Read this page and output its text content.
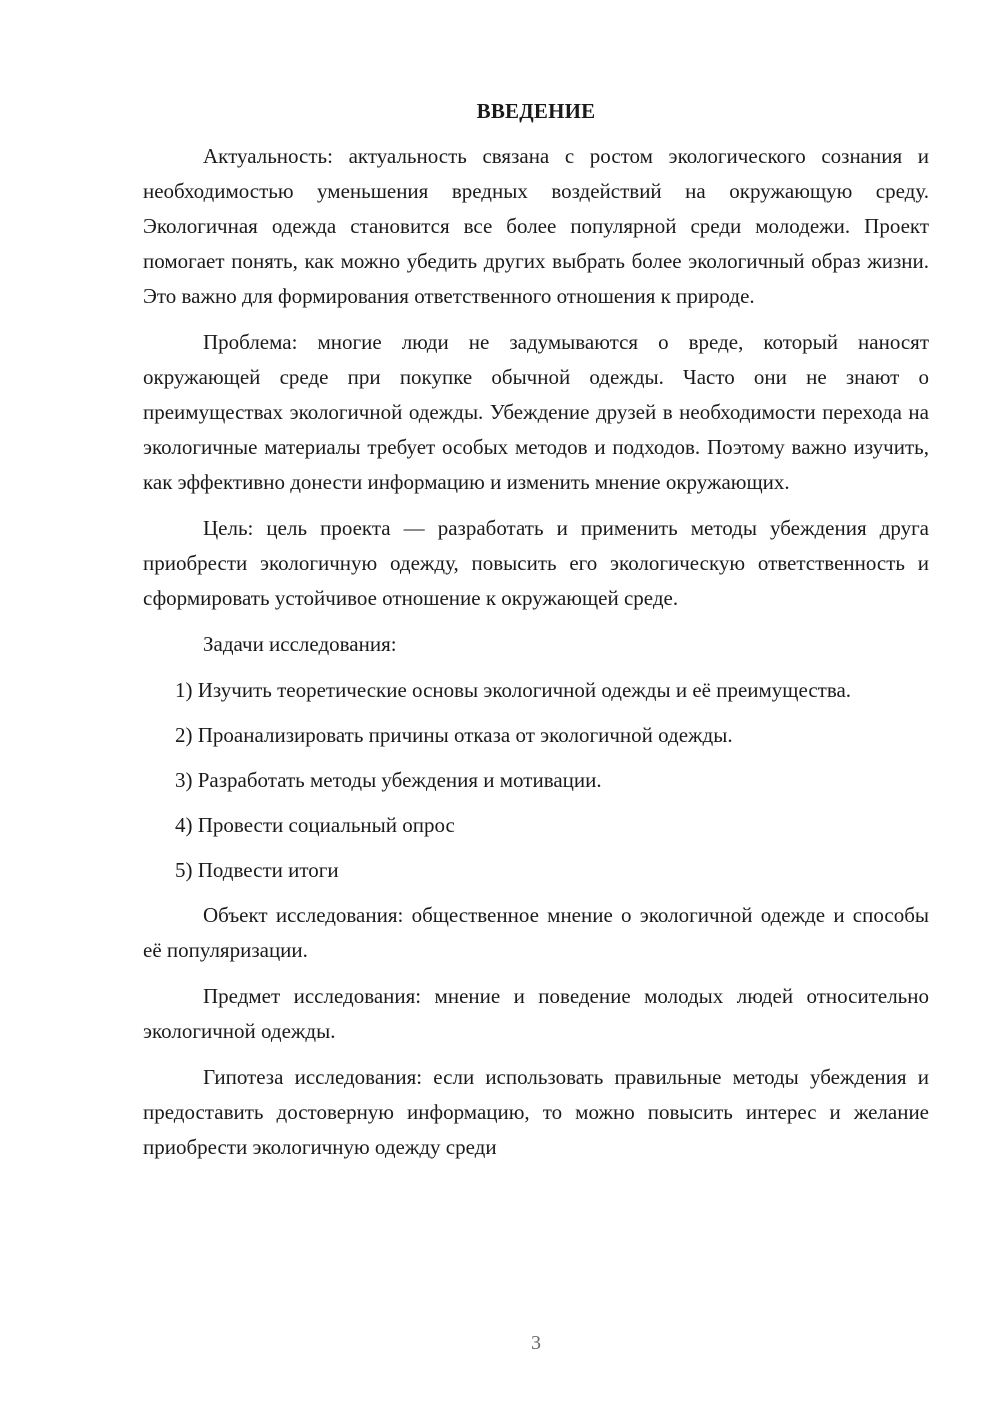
ВВЕДЕНИЕ

Актуальность: актуальность связана с ростом экологического сознания и необходимостью уменьшения вредных воздействий на окружающую среду. Экологичная одежда становится все более популярной среди молодежи. Проект помогает понять, как можно убедить других выбрать более экологичный образ жизни. Это важно для формирования ответственного отношения к природе.

Проблема: многие люди не задумываются о вреде, который наносят окружающей среде при покупке обычной одежды. Часто они не знают о преимуществах экологичной одежды. Убеждение друзей в необходимости перехода на экологичные материалы требует особых методов и подходов. Поэтому важно изучить, как эффективно донести информацию и изменить мнение окружающих.

Цель: цель проекта — разработать и применить методы убеждения друга приобрести экологичную одежду, повысить его экологическую ответственность и сформировать устойчивое отношение к окружающей среде.

Задачи исследования:

1) Изучить теоретические основы экологичной одежды и её преимущества.

2) Проанализировать причины отказа от экологичной одежды.

3) Разработать методы убеждения и мотивации.

4) Провести социальный опрос

5) Подвести итоги

Объект исследования: общественное мнение о экологичной одежде и способы её популяризации.

Предмет исследования: мнение и поведение молодых людей относительно экологичной одежды.

Гипотеза исследования: если использовать правильные методы убеждения и предоставить достоверную информацию, то можно повысить интерес и желание приобрести экологичную одежду среди

3
